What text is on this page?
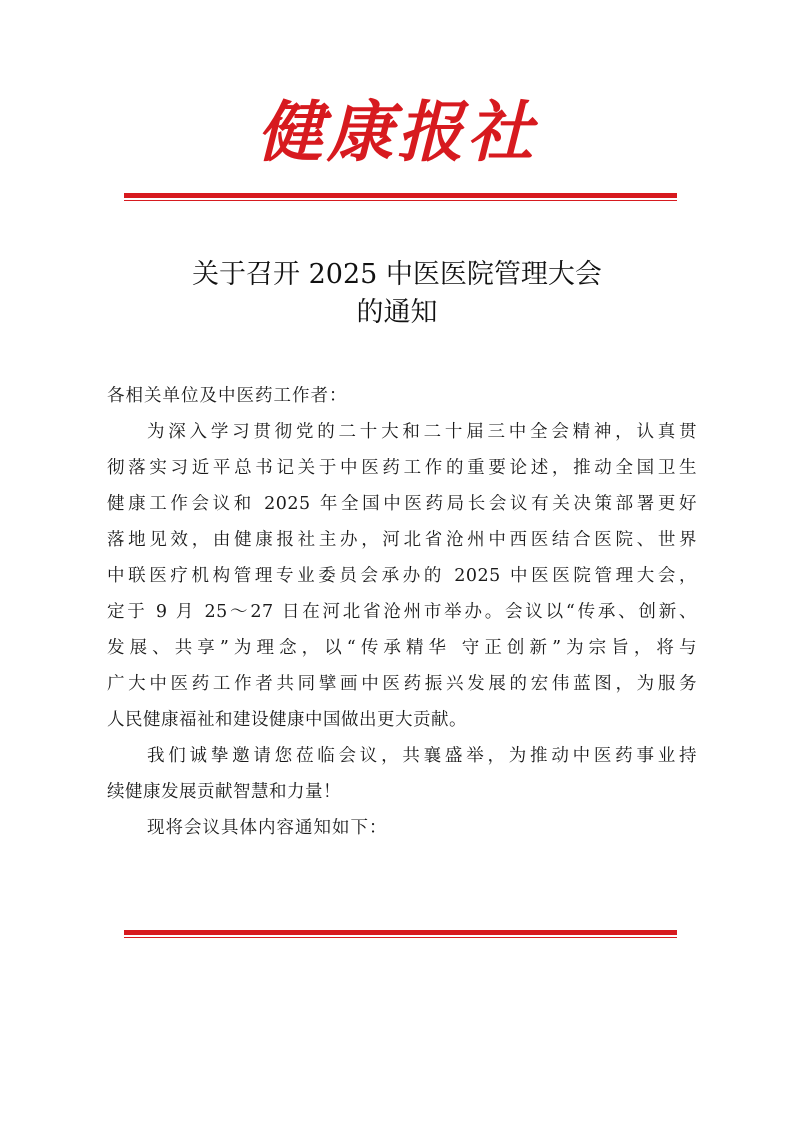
健康报社
关于召开 2025 中医医院管理大会
的通知

各相关单位及中医药工作者：

为深入学习贯彻党的二十大和二十届三中全会精神，认真贯
彻落实习近平总书记关于中医药工作的重要论述，推动全国卫生
健康工作会议和 2025 年全国中医药局长会议有关决策部署更好
落地见效，由健康报社主办，河北省沧州中西医结合医院、世界
中联医疗机构管理专业委员会承办的 2025 中医医院管理大会，
定于 9 月 25～27 日在河北省沧州市举办。会议以“传承、创新、
发展、共享”为理念，以“传承精华 守正创新”为宗旨，将与
广大中医药工作者共同擘画中医药振兴发展的宏伟蓝图，为服务
人民健康福祉和建设健康中国做出更大贡献。

我们诚挚邀请您莅临会议，共襄盛举，为推动中医药事业持
续健康发展贡献智慧和力量！

现将会议具体内容通知如下：
